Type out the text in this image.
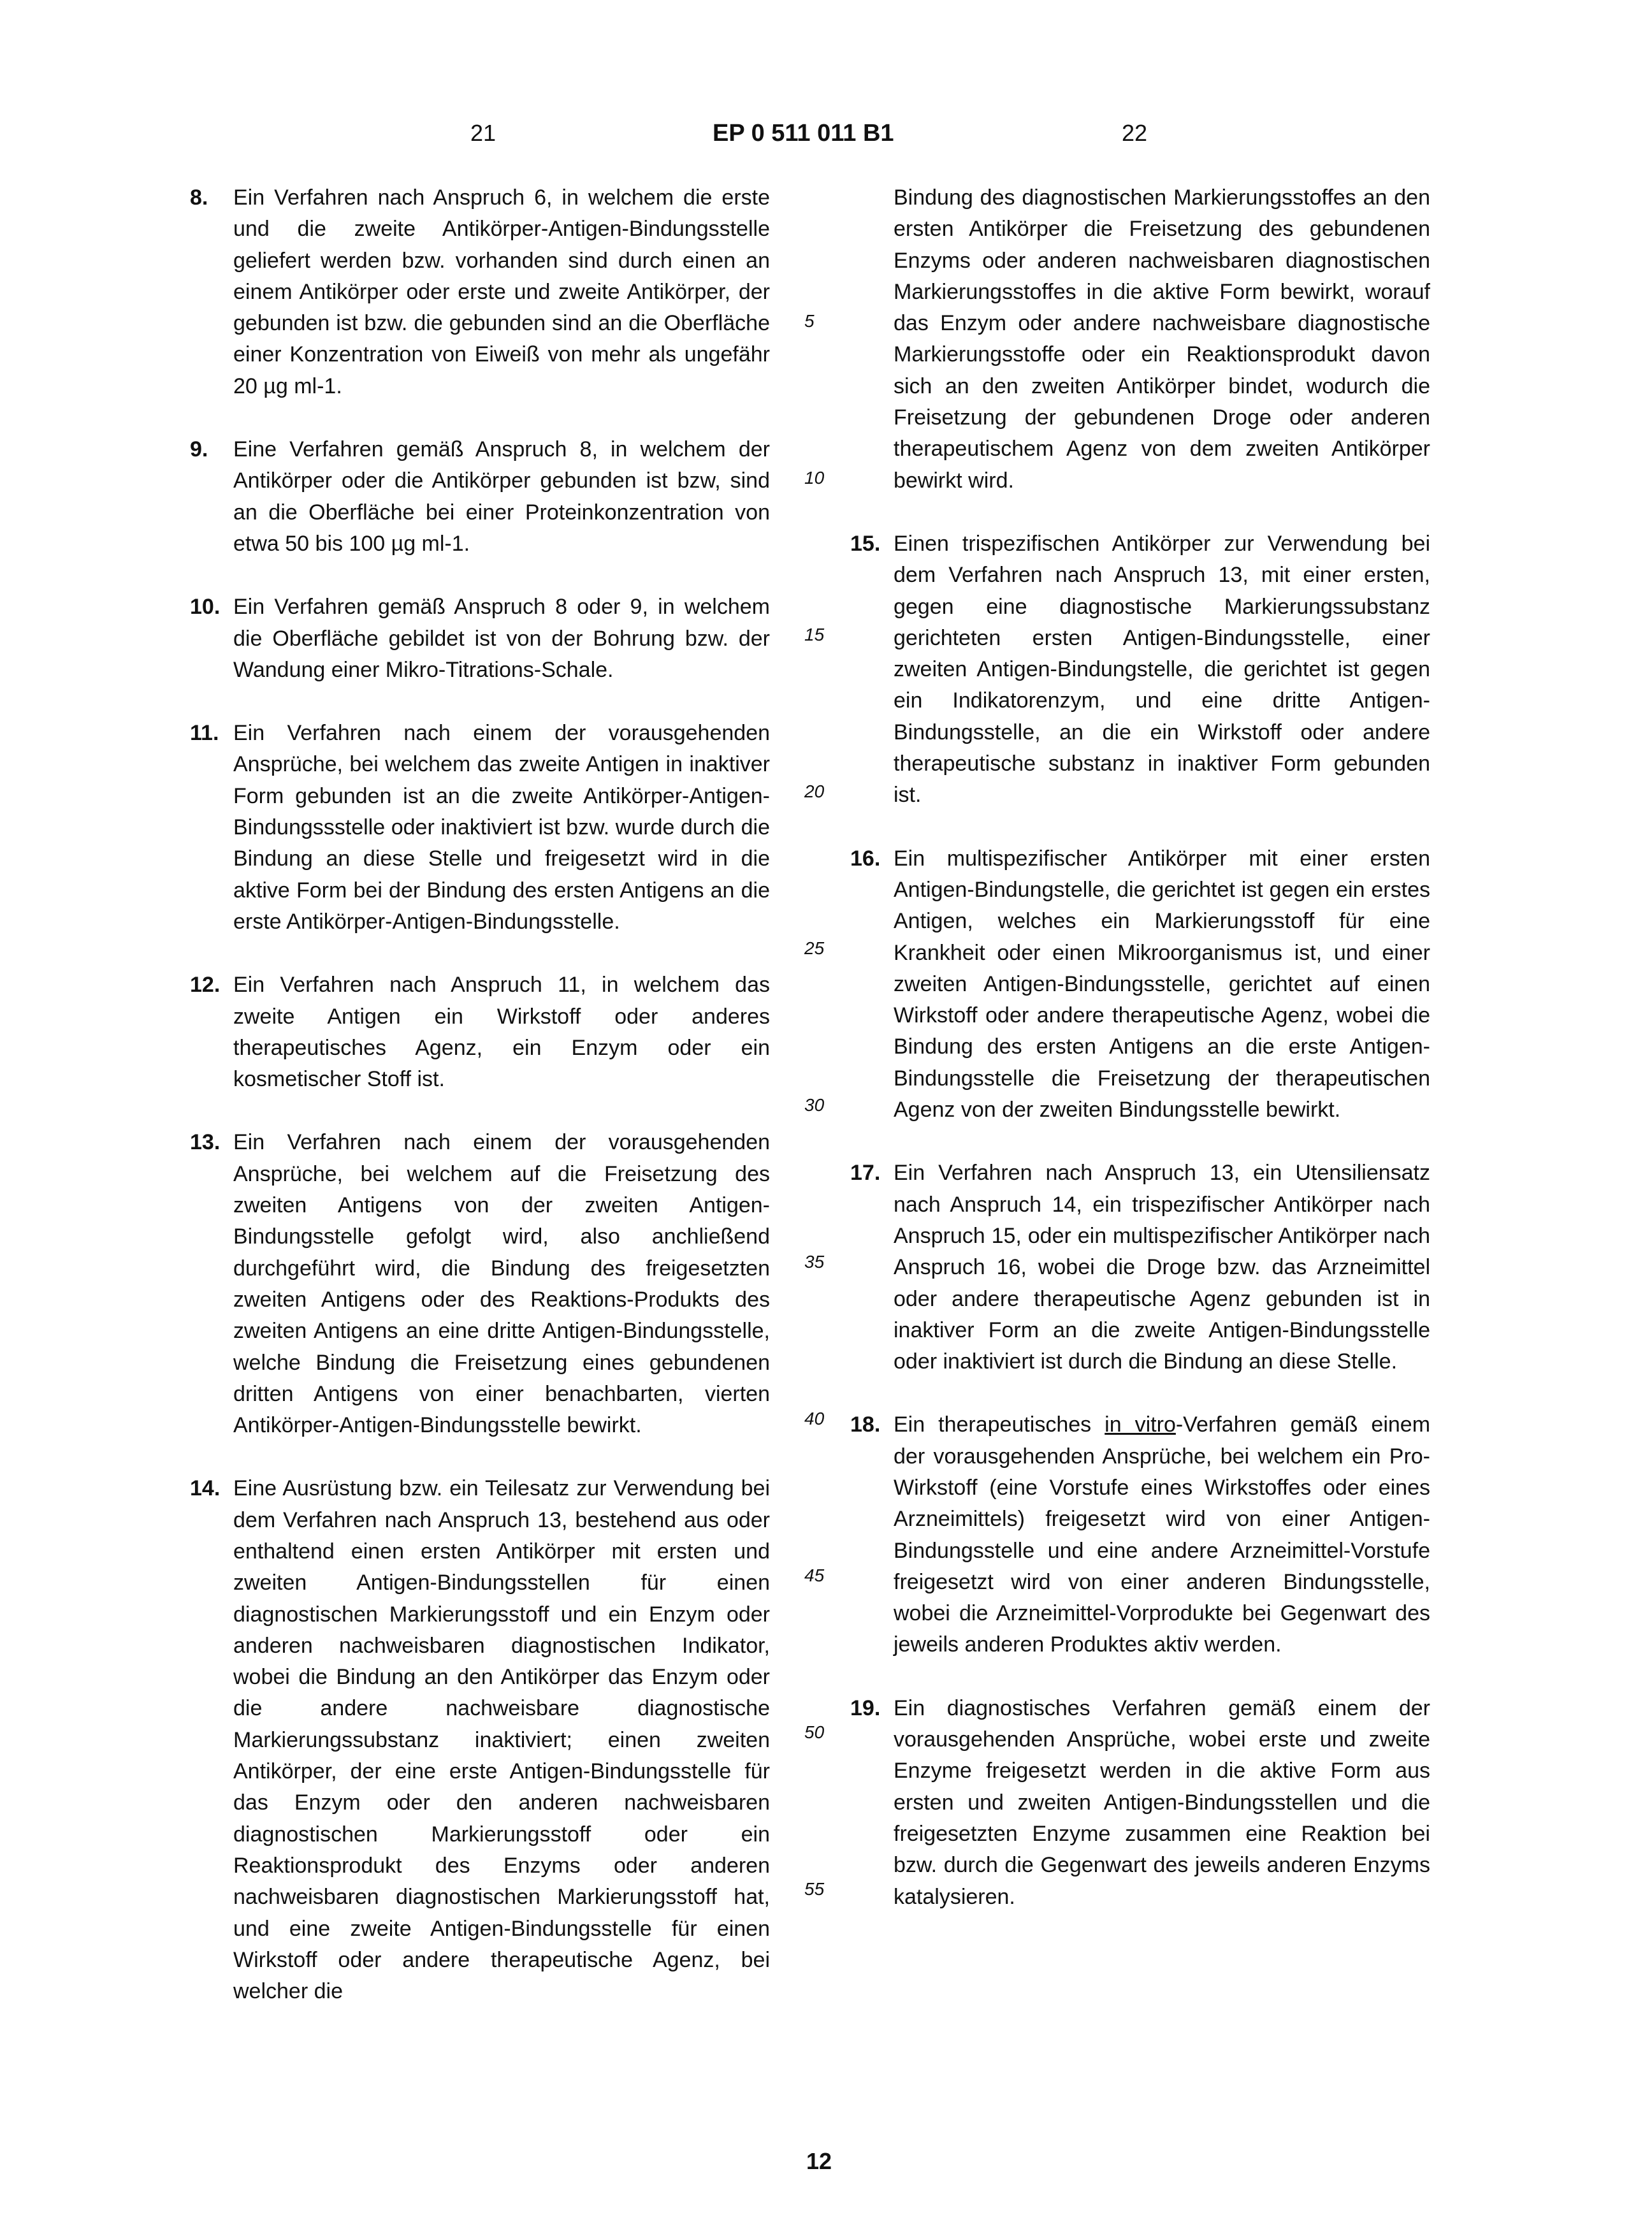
21	EP 0 511 011 B1	22
8.	Ein Verfahren nach Anspruch 6, in welchem die erste und die zweite Antikörper-Antigen-Bindungsstelle geliefert werden bzw. vorhanden sind durch einen an einem Antikörper oder erste und zweite Antikörper, der gebunden ist bzw. die gebunden sind an die Oberfläche einer Konzentration von Eiweiß von mehr als ungefähr 20 µg ml-1.
9.	Eine Verfahren gemäß Anspruch 8, in welchem der Antikörper oder die Antikörper gebunden ist bzw, sind an die Oberfläche bei einer Proteinkonzentration von etwa 50 bis 100 µg ml-1.
10. Ein Verfahren gemäß Anspruch 8 oder 9, in welchem die Oberfläche gebildet ist von der Bohrung bzw. der Wandung einer Mikro-Titrations-Schale.
11. Ein Verfahren nach einem der vorausgehenden Ansprüche, bei welchem das zweite Antigen in inaktiver Form gebunden ist an die zweite Antikörper-Antigen-Bindungssstelle oder inaktiviert ist bzw. wurde durch die Bindung an diese Stelle und freigesetzt wird in die aktive Form bei der Bindung des ersten Antigens an die erste Antikörper-Antigen-Bindungsstelle.
12. Ein Verfahren nach Anspruch 11, in welchem das zweite Antigen ein Wirkstoff oder anderes therapeutisches Agenz, ein Enzym oder ein kosmetischer Stoff ist.
13. Ein Verfahren nach einem der vorausgehenden Ansprüche, bei welchem auf die Freisetzung des zweiten Antigens von der zweiten Antigen-Bindungsstelle gefolgt wird, also anchließend durchgeführt wird, die Bindung des freigesetzten zweiten Antigens oder des Reaktions-Produkts des zweiten Antigens an eine dritte Antigen-Bindungsstelle, welche Bindung die Freisetzung eines gebundenen dritten Antigens von einer benachbarten, vierten Antikörper-Antigen-Bindungsstelle bewirkt.
14. Eine Ausrüstung bzw. ein Teilesatz zur Verwendung bei dem Verfahren nach Anspruch 13, bestehend aus oder enthaltend einen ersten Antikörper mit ersten und zweiten Antigen-Bindungsstellen für einen diagnostischen Markierungsstoff und ein Enzym oder anderen nachweisbaren diagnostischen Indikator, wobei die Bindung an den Antikörper das Enzym oder die andere nachweisbare diagnostische Markierungssubstanz inaktiviert; einen zweiten Antikörper, der eine erste Antigen-Bindungsstelle für das Enzym oder den anderen nachweisbaren diagnostischen Markierungsstoff oder ein Reaktionsprodukt des Enzyms oder anderen nachweisbaren diagnostischen Markierungsstoff hat, und eine zweite Antigen-Bindungsstelle für einen Wirkstoff oder andere therapeutische Agenz, bei welcher die
Bindung des diagnostischen Markierungsstoffes an den ersten Antikörper die Freisetzung des gebundenen Enzyms oder anderen nachweisbaren diagnostischen Markierungsstoffes in die aktive Form bewirkt, worauf das Enzym oder andere nachweisbare diagnostische Markierungsstoffe oder ein Reaktionsprodukt davon sich an den zweiten Antikörper bindet, wodurch die Freisetzung der gebundenen Droge oder anderen therapeutischem Agenz von dem zweiten Antikörper bewirkt wird.
15. Einen trispezifischen Antikörper zur Verwendung bei dem Verfahren nach Anspruch 13, mit einer ersten, gegen eine diagnostische Markierungssubstanz gerichteten ersten Antigen-Bindungsstelle, einer zweiten Antigen-Bindungstelle, die gerichtet ist gegen ein Indikatorenzym, und eine dritte Antigen-Bindungsstelle, an die ein Wirkstoff oder andere therapeutische substanz in inaktiver Form gebunden ist.
16. Ein multispezifischer Antikörper mit einer ersten Antigen-Bindungstelle, die gerichtet ist gegen ein erstes Antigen, welches ein Markierungsstoff für eine Krankheit oder einen Mikroorganismus ist, und einer zweiten Antigen-Bindungsstelle, gerichtet auf einen Wirkstoff oder andere therapeutische Agenz, wobei die Bindung des ersten Antigens an die erste Antigen-Bindungsstelle die Freisetzung der therapeutischen Agenz von der zweiten Bindungsstelle bewirkt.
17. Ein Verfahren nach Anspruch 13, ein Utensiliensatz nach Anspruch 14, ein trispezifischer Antikörper nach Anspruch 15, oder ein multispezifischer Antikörper nach Anspruch 16, wobei die Droge bzw. das Arzneimittel oder andere therapeutische Agenz gebunden ist in inaktiver Form an die zweite Antigen-Bindungsstelle oder inaktiviert ist durch die Bindung an diese Stelle.
18. Ein therapeutisches in vitro-Verfahren gemäß einem der vorausgehenden Ansprüche, bei welchem ein Pro-Wirkstoff (eine Vorstufe eines Wirkstoffes oder eines Arzneimittels) freigesetzt wird von einer Antigen-Bindungsstelle und eine andere Arzneimittel-Vorstufe freigesetzt wird von einer anderen Bindungsstelle, wobei die Arzneimittel-Vorprodukte bei Gegenwart des jeweils anderen Produktes aktiv werden.
19. Ein diagnostisches Verfahren gemäß einem der vorausgehenden Ansprüche, wobei erste und zweite Enzyme freigesetzt werden in die aktive Form aus ersten und zweiten Antigen-Bindungsstellen und die freigesetzten Enzyme zusammen eine Reaktion bei bzw. durch die Gegenwart des jeweils anderen Enzyms katalysieren.
5
10
15
20
25
30
35
40
45
50
55
12
